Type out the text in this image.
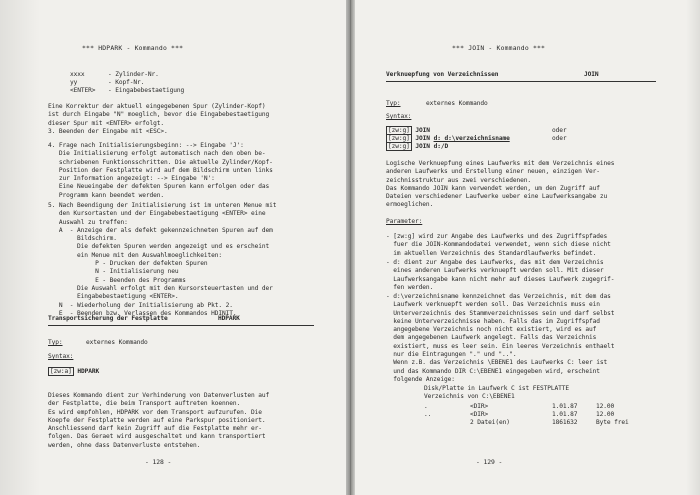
*** HDPARK - Kommando ***
xxxx	- Zylinder-Nr.
yy	- Kopf-Nr.
<ENTER> - Eingabebestaetigung
Eine Korrektur der aktuell eingegebenen Spur (Zylinder-Kopf)
ist durch Eingabe "N" moeglich, bevor die Eingabebestaetigung
dieser Spur mit <ENTER> erfolgt.
3. Beenden der Eingabe mit <ESC>.
4. Frage nach Initialisierungsbeginn: --> Eingabe 'J':
Die Initialisierung erfolgt automatisch nach den oben be-
schriebenen Funktionsschritten. Die aktuelle Zylinder/Kopf-
Position der Festplatte wird auf dem Bildschirm unten links
zur Information angezeigt: --> Eingabe 'N':
Eine Neueingabe der defekten Spuren kann erfolgen oder das
Programm kann beendet werden.
5. Nach Beendigung der Initialisierung ist im unteren Menue mit
den Kursortasten und der Eingabebestaetigung <ENTER> eine
Auswahl zu treffen:
A  - Anzeige der als defekt gekennzeichneten Spuren auf dem
Bildschirm.
Die defekten Spuren werden angezeigt und es erscheint
ein Menue mit den Auswahlmoeglichkeiten:
P - Drucken der defekten Spuren
N - Initialisierung neu
E - Beenden des Programms
Die Auswahl erfolgt mit den Kursorsteuertasten und der
Eingabebestaetigung <ENTER>.
N  - Wiederholung der Initialisierung ab Pkt. 2.
E  - Beenden bzw. Verlassen des Kommandos HDINIT.
Transportsicherung der Festplatte	HDPARK
Typ:	externes Kommando
Syntax:
[zw:a] HDPARK
Dieses Kommando dient zur Verhinderung von Datenverlusten auf
der Festplatte, die beim Transport auftreten koennen.
Es wird empfohlen, HDPARK vor dem Transport aufzurufen. Die
Koepfe der Festplatte werden auf eine Parkspur positioniert.
Anschliessend darf kein Zugriff auf die Festplatte mehr er-
folgen. Das Geraet wird ausgeschaltet und kann transportiert
werden, ohne dass Datenverluste entstehen.
- 128 -
*** JOIN - Kommando ***
Verknuepfung von Verzeichnissen	JOIN
Typ:	externes Kommando
Syntax:
[zw:g] JOIN	oder
[zw:g] JOIN d: d:\verzeichnisname	oder
[zw:g] JOIN d:/D
Logische Verknuepfung eines Laufwerks mit dem Verzeichnis eines
anderen Laufwerks und Erstellung einer neuen, einzigen Ver-
zeichnisstruktur aus zwei verschiedenen.
Das Kommando JOIN kann verwendet werden, um den Zugriff auf
Dateien verschiedener Laufwerke ueber eine Laufwerksangabe zu
ermoeglichen.
Parameter:
- [zw:g] wird zur Angabe des Laufwerks und des Zugriffspfades
fuer die JOIN-Kommandodatei verwendet, wenn sich diese nicht
im aktuellen Verzeichnis des Standardlaufwerks befindet.
- d: dient zur Angabe des Laufwerks, das mit dem Verzeichnis
eines anderen Laufwerks verknuepft werden soll. Mit dieser
Laufwerksangabe kann nicht mehr auf dieses Laufwerk zugegrif-
fen werden.
- d:\verzeichnisname kennzeichnet das Verzeichnis, mit dem das
Laufwerk verknuepft werden soll. Das Verzeichnis muss ein
Unterverzeichnis des Stammverzeichnisses sein und darf selbst
keine Unterverzeichnisse haben. Falls das im Zugriffspfad
angegebene Verzeichnis noch nicht existiert, wird es auf
dem angegebenen Laufwerk angelegt. Falls das Verzeichnis
existiert, muss es leer sein. Ein leeres Verzeichnis enthaelt
nur die Eintragungen "." und "..".
Wenn z.B. das Verzeichnis \EBENE1 des Laufwerks C: leer ist
und das Kommando DIR C:\EBENE1 eingegeben wird, erscheint
folgende Anzeige:
Disk/Platte in Laufwerk C ist FESTPLATTE
Verzeichnis von C:\EBENE1
.	<DIR>	1.01.87	12.00
..	<DIR>	1.01.87	12.00
2 Datei(en)	1861632	Byte frei
- 129 -
